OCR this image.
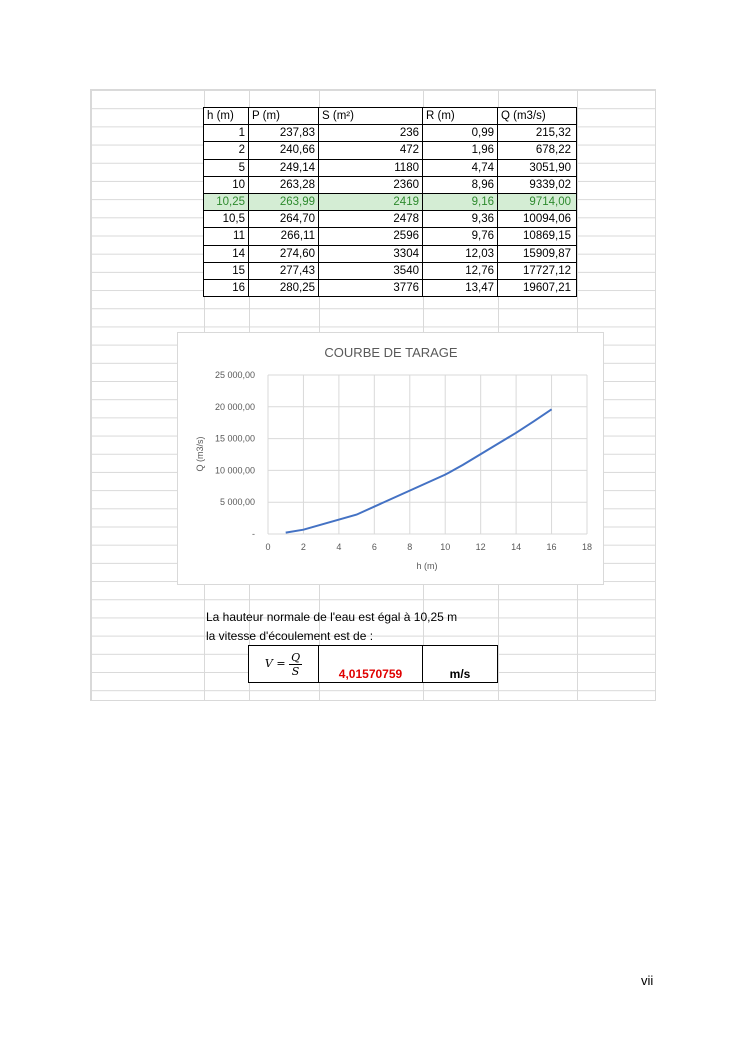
h (m)	P (m)	S (m²)	R (m)	Q (m3/s)
1	237,83	236	0,99	215,32
2	240,66	472	1,96	678,22
5	249,14	1180	4,74	3051,90
10	263,28	2360	8,96	9339,02
10,25	263,99	2419	9,16	9714,00
10,5	264,70	2478	9,36	10094,06
11	266,11	2596	9,76	10869,15
14	274,60	3304	12,03	15909,87
15	277,43	3540	12,76	17727,12
16	280,25	3776	13,47	19607,21
COURBE DE TARAGE
0	2	4	6	8	10	12	14	16	18
-
5 000,00
10 000,00
15 000,00
20 000,00
25 000,00
h (m)
Q (m3/s)
La hauteur normale de l'eau est égal à 10,25 m
la vitesse d'écoulement est de :
$V = \frac{Q}{S}$	4,01570759	m/s
vii
